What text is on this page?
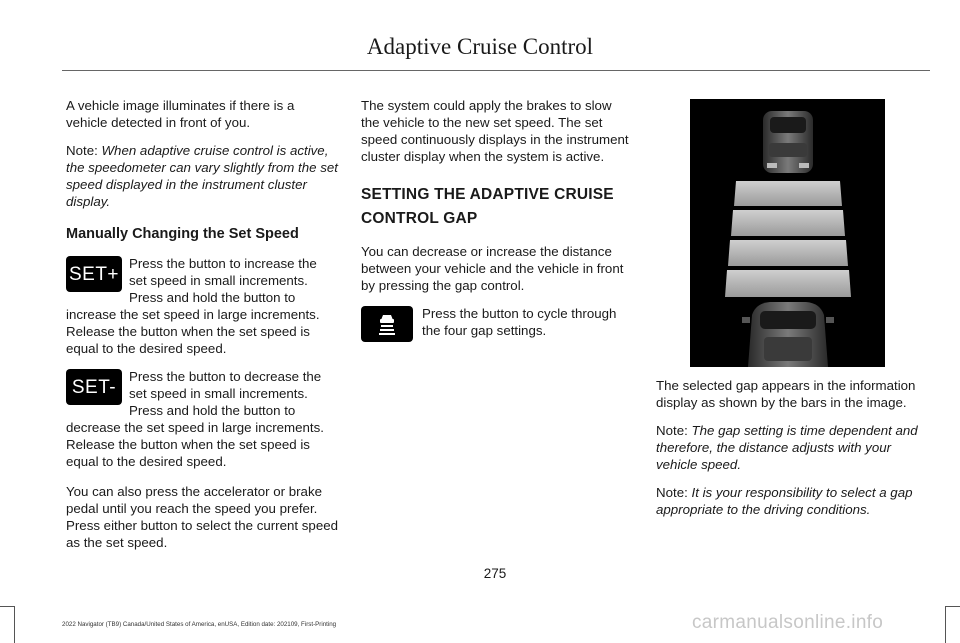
Adaptive Cruise Control

A vehicle image illuminates if there is a vehicle detected in front of you.

Note: When adaptive cruise control is active, the speedometer can vary slightly from the set speed displayed in the instrument cluster display.

Manually Changing the Set Speed
SET+ Press the button to increase the set speed in small increments. Press and hold the button to increase the set speed in large increments. Release the button when the set speed is equal to the desired speed.
SET- Press the button to decrease the set speed in small increments. Press and hold the button to decrease the set speed in large increments. Release the button when the set speed is equal to the desired speed.

You can also press the accelerator or brake pedal until you reach the speed you prefer. Press either button to select the current speed as the set speed.

The system could apply the brakes to slow the vehicle to the new set speed. The set speed continuously displays in the instrument cluster display when the system is active.

SETTING THE ADAPTIVE CRUISE
CONTROL GAP

You can decrease or increase the distance between your vehicle and the vehicle in front by pressing the gap control.

Press the button to cycle through the four gap settings.

The selected gap appears in the information display as shown by the bars in the image.

Note: The gap setting is time dependent and therefore, the distance adjusts with your vehicle speed.

Note: It is your responsibility to select a gap appropriate to the driving conditions.

275
2022 Navigator (TB9) Canada/United States of America, enUSA, Edition date: 202109, First-Printing	carmanualsonline.info
